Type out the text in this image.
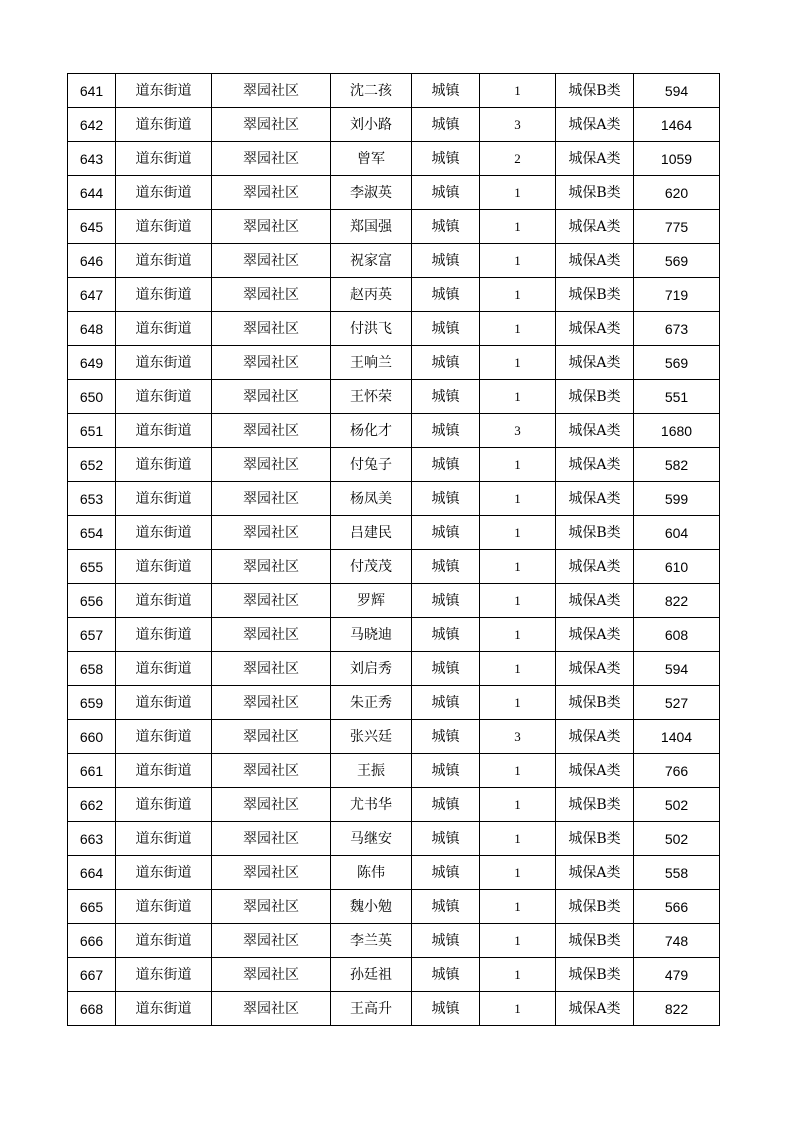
641	道东街道	翠园社区	沈二孩	城镇	1	城保B类	594
642	道东街道	翠园社区	刘小路	城镇	3	城保A类	1464
643	道东街道	翠园社区	曾军	城镇	2	城保A类	1059
644	道东街道	翠园社区	李淑英	城镇	1	城保B类	620
645	道东街道	翠园社区	郑国强	城镇	1	城保A类	775
646	道东街道	翠园社区	祝家富	城镇	1	城保A类	569
647	道东街道	翠园社区	赵丙英	城镇	1	城保B类	719
648	道东街道	翠园社区	付洪飞	城镇	1	城保A类	673
649	道东街道	翠园社区	王响兰	城镇	1	城保A类	569
650	道东街道	翠园社区	王怀荣	城镇	1	城保B类	551
651	道东街道	翠园社区	杨化才	城镇	3	城保A类	1680
652	道东街道	翠园社区	付兔子	城镇	1	城保A类	582
653	道东街道	翠园社区	杨凤美	城镇	1	城保A类	599
654	道东街道	翠园社区	吕建民	城镇	1	城保B类	604
655	道东街道	翠园社区	付茂茂	城镇	1	城保A类	610
656	道东街道	翠园社区	罗辉	城镇	1	城保A类	822
657	道东街道	翠园社区	马晓迪	城镇	1	城保A类	608
658	道东街道	翠园社区	刘启秀	城镇	1	城保A类	594
659	道东街道	翠园社区	朱正秀	城镇	1	城保B类	527
660	道东街道	翠园社区	张兴廷	城镇	3	城保A类	1404
661	道东街道	翠园社区	王振	城镇	1	城保A类	766
662	道东街道	翠园社区	尤书华	城镇	1	城保B类	502
663	道东街道	翠园社区	马继安	城镇	1	城保B类	502
664	道东街道	翠园社区	陈伟	城镇	1	城保A类	558
665	道东街道	翠园社区	魏小勉	城镇	1	城保B类	566
666	道东街道	翠园社区	李兰英	城镇	1	城保B类	748
667	道东街道	翠园社区	孙廷祖	城镇	1	城保B类	479
668	道东街道	翠园社区	王高升	城镇	1	城保A类	822
